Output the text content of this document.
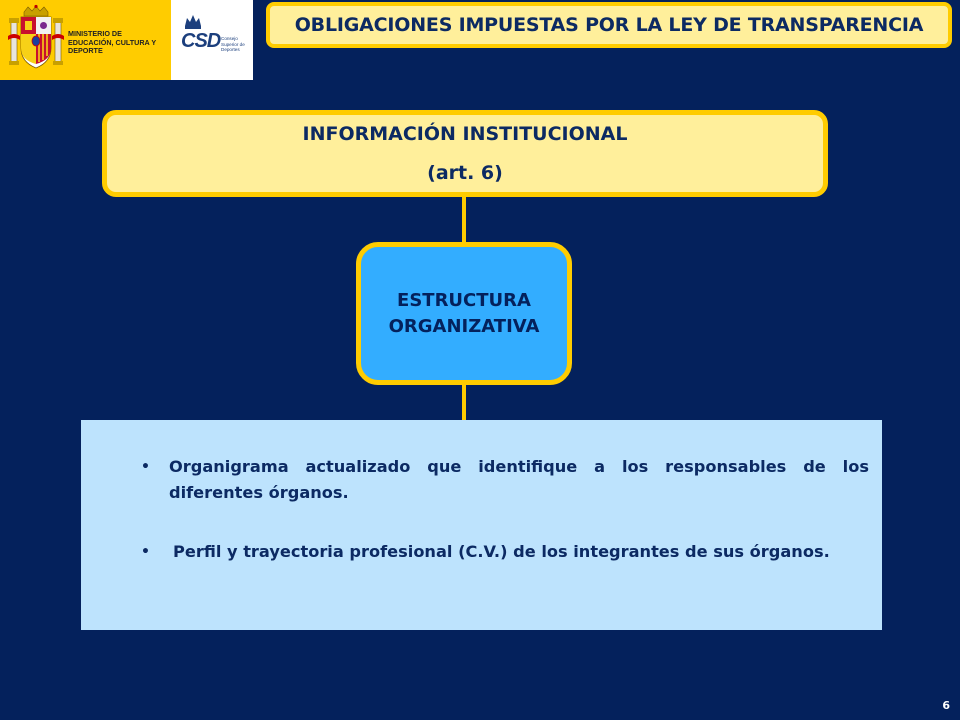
MINISTERIO DE EDUCACIÓN, CULTURA Y DEPORTE	CSD Consejo Superior de Deportes
OBLIGACIONES IMPUESTAS POR LA LEY DE TRANSPARENCIA
INFORMACIÓN INSTITUCIONAL
(art. 6)
ESTRUCTURA ORGANIZATIVA
• Organigrama actualizado que identifique a los responsables de los diferentes órganos.
• Perfil y trayectoria profesional (C.V.) de los integrantes de sus órganos.
6
